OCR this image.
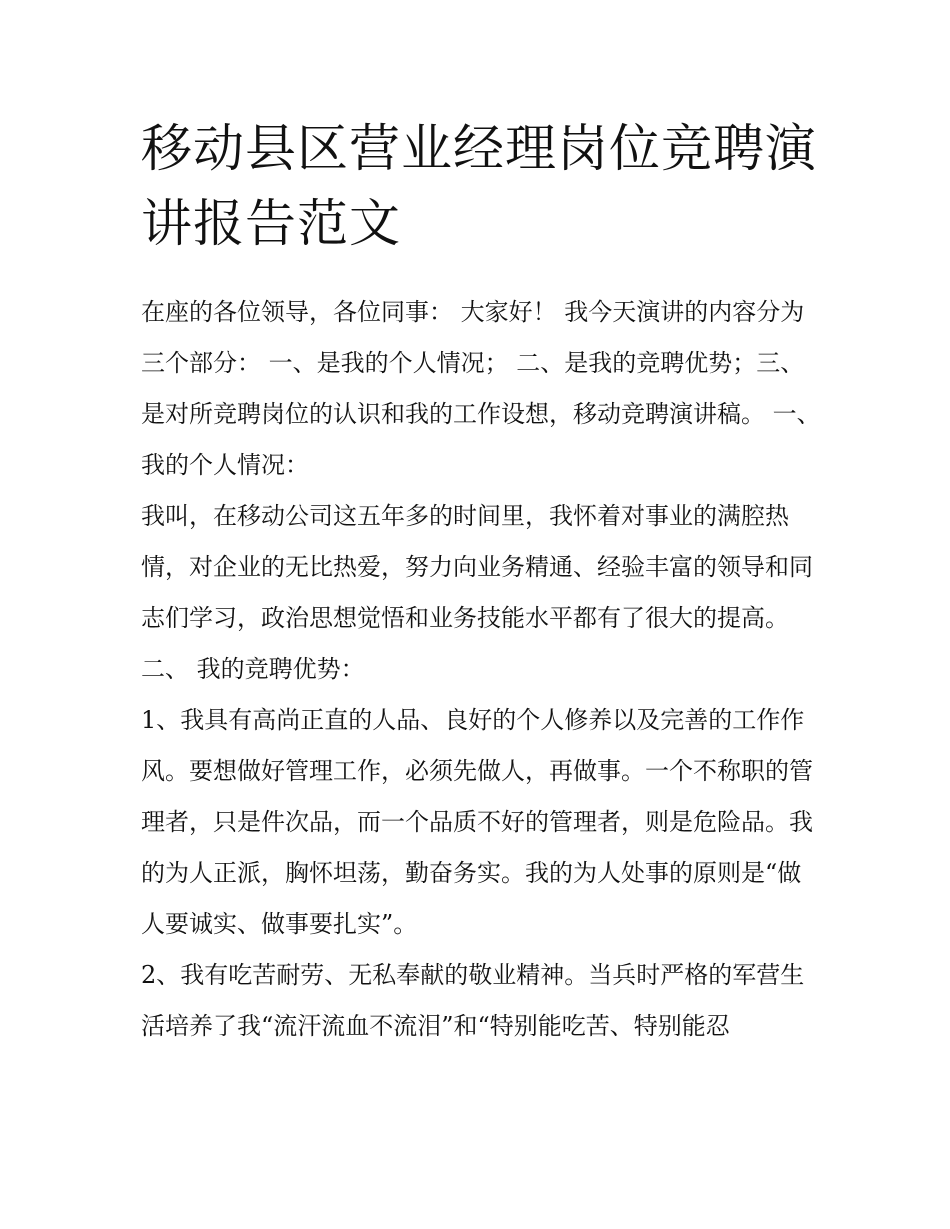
移动县区营业经理岗位竞聘演讲报告范文

在座的各位领导，各位同事： 大家好！ 我今天演讲的内容分为三个部分： 一、是我的个人情况； 二、是我的竞聘优势；三、是对所竞聘岗位的认识和我的工作设想，移动竞聘演讲稿。 一、 我的个人情况：

我叫，在移动公司这五年多的时间里，我怀着对事业的满腔热情，对企业的无比热爱，努力向业务精通、经验丰富的领导和同志们学习，政治思想觉悟和业务技能水平都有了很大的提高。

二、 我的竞聘优势：

1、我具有高尚正直的人品、良好的个人修养以及完善的工作作风。要想做好管理工作，必须先做人，再做事。一个不称职的管理者，只是件次品，而一个品质不好的管理者，则是危险品。我的为人正派，胸怀坦荡，勤奋务实。我的为人处事的原则是“做人要诚实、做事要扎实”。

2、我有吃苦耐劳、无私奉献的敬业精神。当兵时严格的军营生活培养了我“流汗流血不流泪”和“特别能吃苦、特别能忍
